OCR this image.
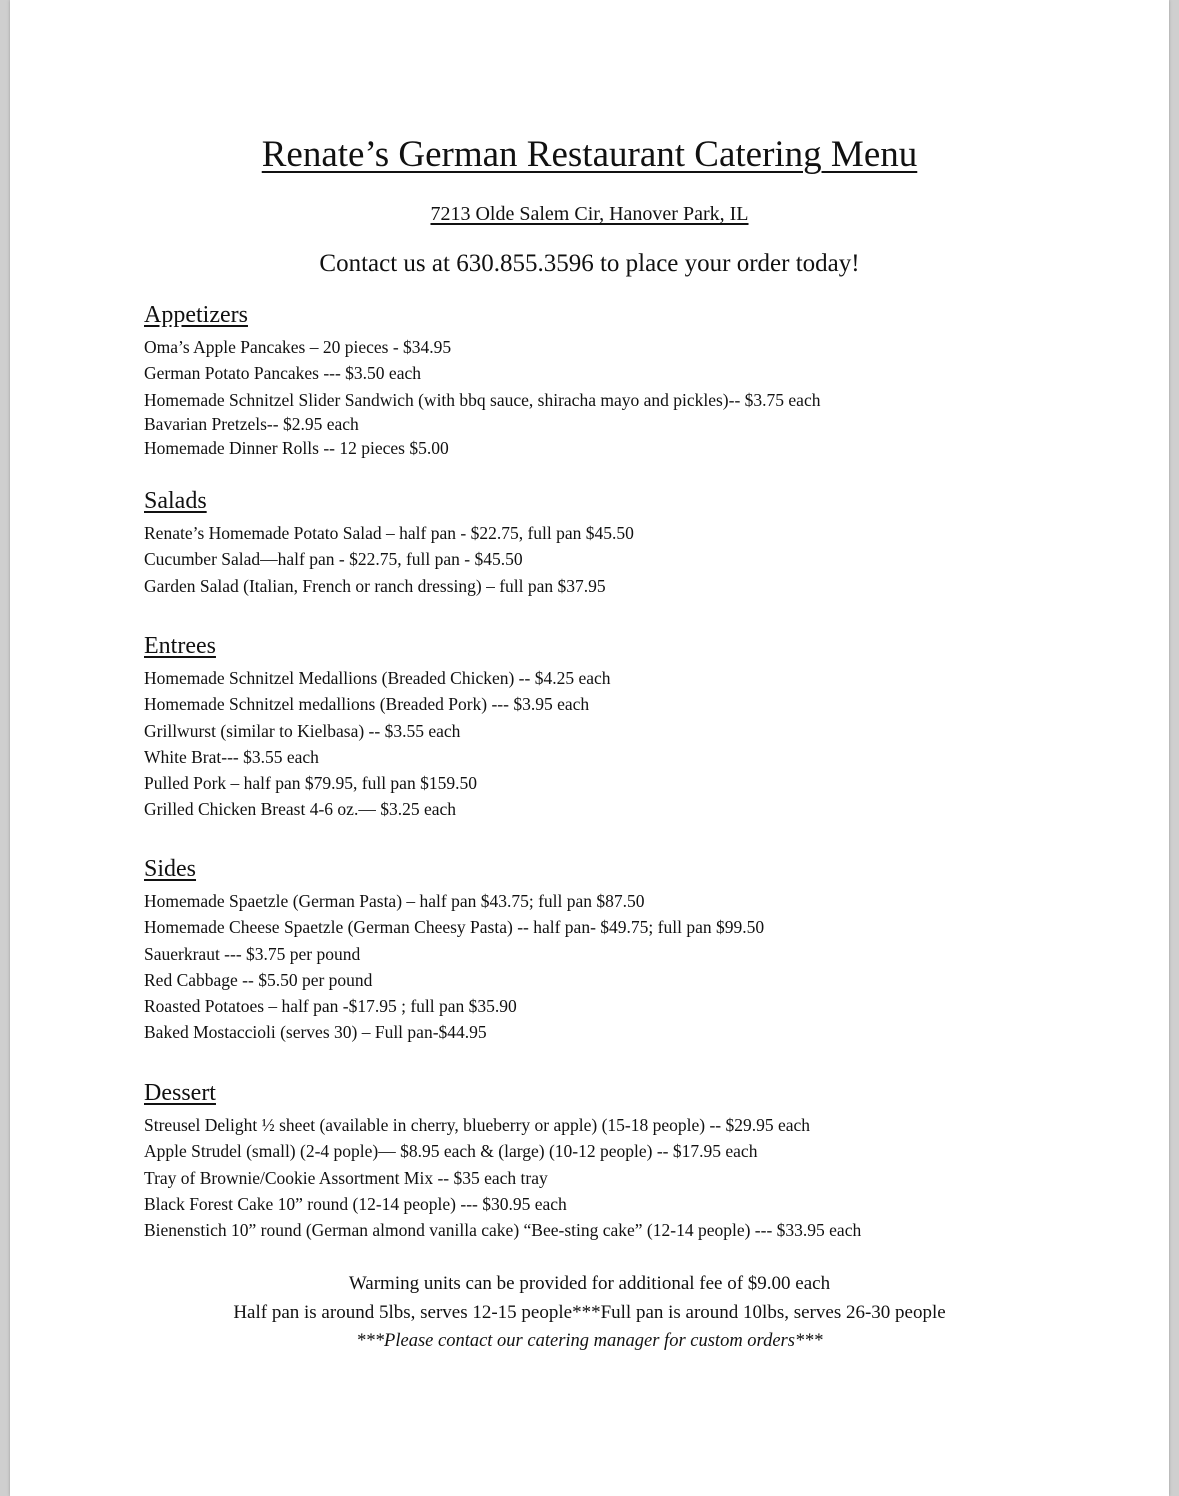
Renate’s German Restaurant Catering Menu
7213 Olde Salem Cir, Hanover Park, IL
Contact us at 630.855.3596 to place your order today!
Appetizers
Oma’s Apple Pancakes – 20 pieces - $34.95
German Potato Pancakes --- $3.50 each
Homemade Schnitzel Slider Sandwich (with bbq sauce, shiracha mayo and pickles)-- $3.75 each
Bavarian Pretzels-- $2.95 each
Homemade Dinner Rolls -- 12 pieces $5.00
Salads
Renate’s Homemade Potato Salad – half pan - $22.75, full pan $45.50
Cucumber Salad—half pan - $22.75, full pan - $45.50
Garden Salad (Italian, French or ranch dressing) – full pan $37.95
Entrees
Homemade Schnitzel Medallions (Breaded Chicken) -- $4.25 each
Homemade Schnitzel medallions (Breaded Pork) --- $3.95 each
Grillwurst (similar to Kielbasa) -- $3.55 each
White Brat--- $3.55 each
Pulled Pork – half pan $79.95, full pan $159.50
Grilled Chicken Breast 4-6 oz.— $3.25 each
Sides
Homemade Spaetzle (German Pasta) – half pan $43.75; full pan $87.50
Homemade Cheese Spaetzle (German Cheesy Pasta) -- half pan- $49.75; full pan $99.50
Sauerkraut --- $3.75 per pound
Red Cabbage -- $5.50 per pound
Roasted Potatoes – half pan -$17.95 ; full pan $35.90
Baked Mostaccioli (serves 30) – Full pan-$44.95
Dessert
Streusel Delight ½ sheet (available in cherry, blueberry or apple) (15-18 people) -- $29.95 each
Apple Strudel (small) (2-4 pople)— $8.95 each & (large) (10-12 people) -- $17.95 each
Tray of Brownie/Cookie Assortment Mix -- $35 each tray
Black Forest Cake 10” round (12-14 people) --- $30.95 each
Bienenstich 10” round (German almond vanilla cake) “Bee-sting cake” (12-14 people) --- $33.95 each
Warming units can be provided for additional fee of $9.00 each
Half pan is around 5lbs, serves 12-15 people***Full pan is around 10lbs, serves 26-30 people
***Please contact our catering manager for custom orders***
